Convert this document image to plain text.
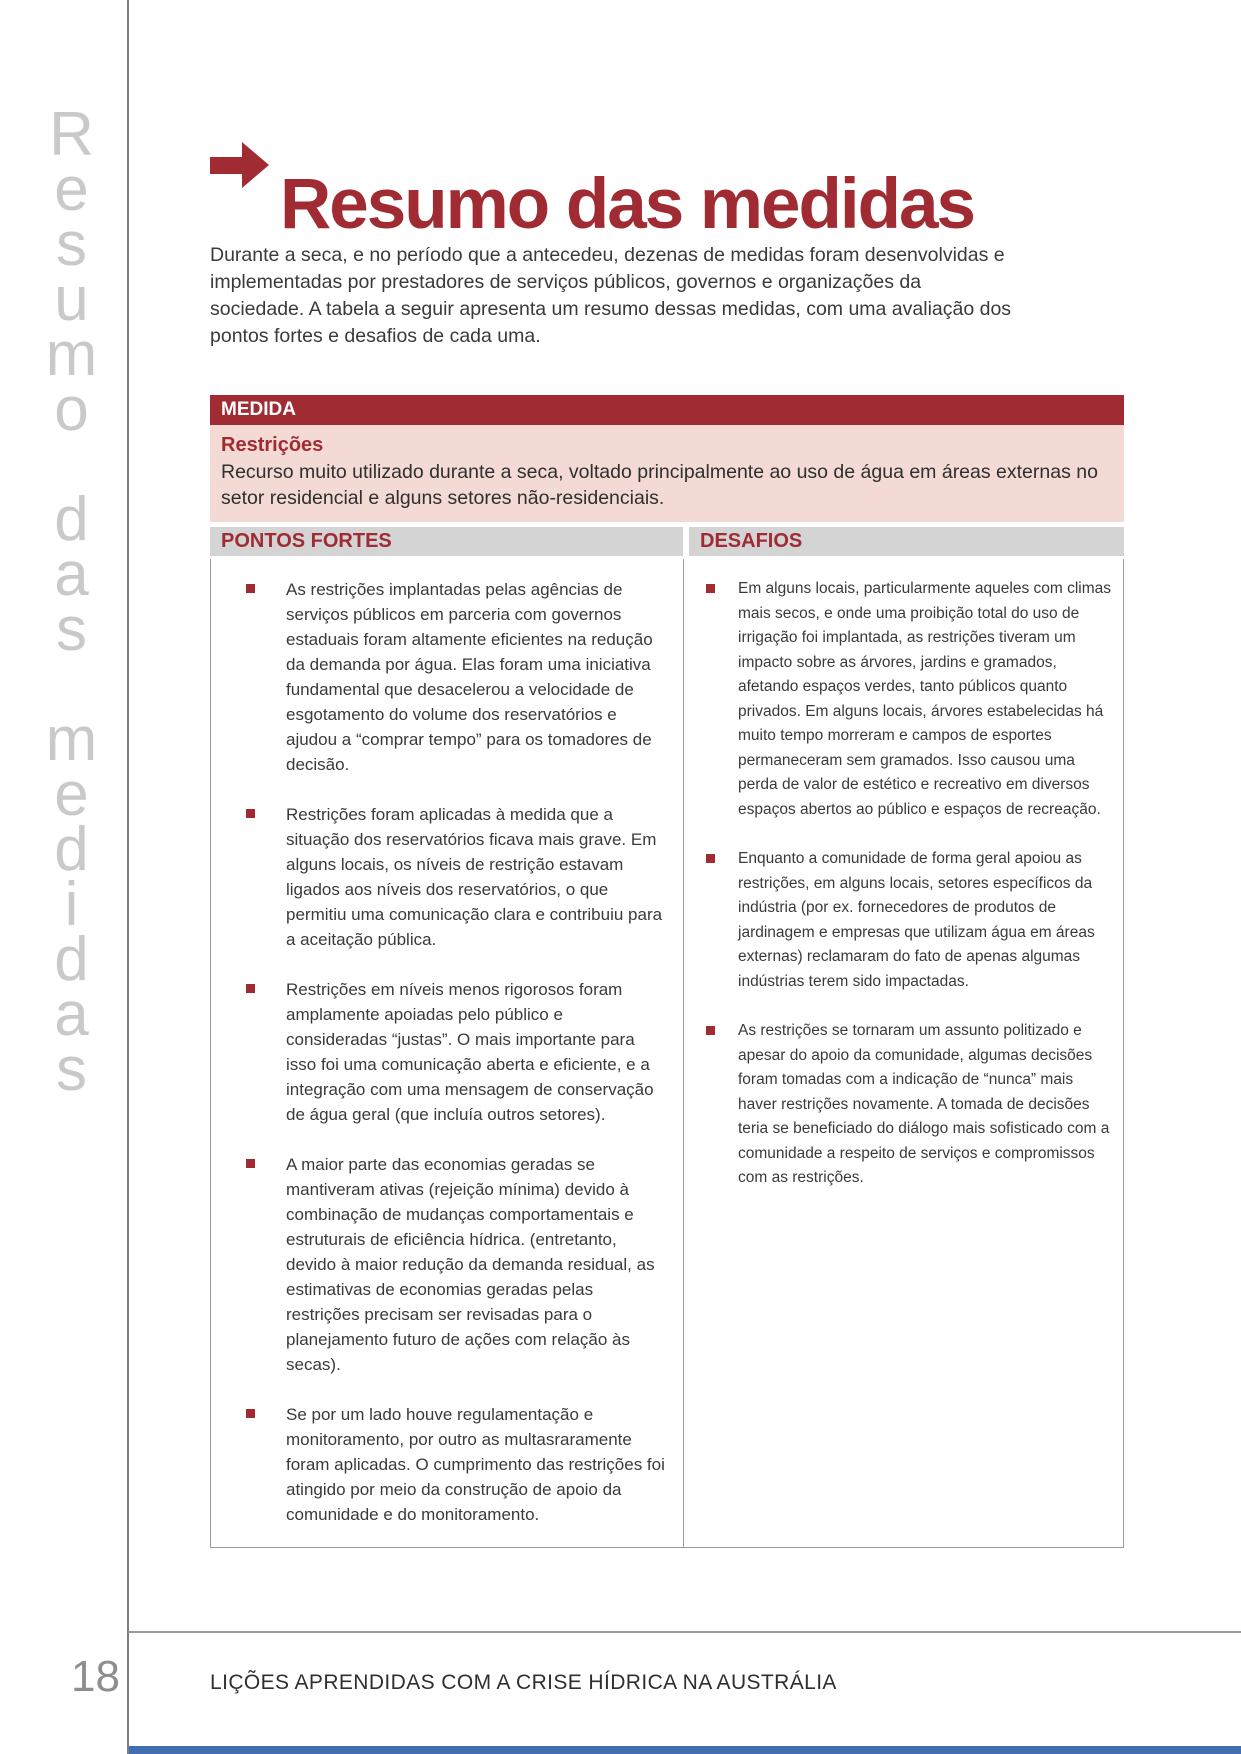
Resumo das medidas Resumo das medidas

Durante a seca, e no período que a antecedeu, dezenas de medidas foram desenvolvidas e implementadas por prestadores de serviços públicos, governos e organizações da sociedade. A tabela a seguir apresenta um resumo dessas medidas, com uma avaliação dos pontos fortes e desafios de cada uma.

MEDIDA
Restrições
Recurso muito utilizado durante a seca, voltado principalmente ao uso de água em áreas externas no setor residencial e alguns setores não-residenciais.
PONTOS FORTES	DESAFIOS
As restrições implantadas pelas agências de serviços públicos em parceria com governos estaduais foram altamente eficientes na redução da demanda por água. Elas foram uma iniciativa fundamental que desacelerou a velocidade de esgotamento do volume dos reservatórios e ajudou a “comprar tempo” para os tomadores de decisão.
Restrições foram aplicadas à medida que a situação dos reservatórios ficava mais grave. Em alguns locais, os níveis de restrição estavam ligados aos níveis dos reservatórios, o que permitiu uma comunicação clara e contribuiu para a aceitação pública.
Restrições em níveis menos rigorosos foram amplamente apoiadas pelo público e consideradas “justas”. O mais importante para isso foi uma comunicação aberta e eficiente, e a integração com uma mensagem de conservação de água geral (que incluía outros setores).
A maior parte das economias geradas se mantiveram ativas (rejeição mínima) devido à combinação de mudanças comportamentais e estruturais de eficiência hídrica. (entretanto, devido à maior redução da demanda residual, as estimativas de economias geradas pelas restrições precisam ser revisadas para o planejamento futuro de ações com relação às secas).
Se por um lado houve regulamentação e monitoramento, por outro as multasraramente foram aplicadas. O cumprimento das restrições foi atingido por meio da construção de apoio da comunidade e do monitoramento.
Em alguns locais, particularmente aqueles com climas mais secos, e onde uma proibição total do uso de irrigação foi implantada, as restrições tiveram um impacto sobre as árvores, jardins e gramados, afetando espaços verdes, tanto públicos quanto privados. Em alguns locais, árvores estabelecidas há muito tempo morreram e campos de esportes permaneceram sem gramados. Isso causou uma perda de valor de estético e recreativo em diversos espaços abertos ao público e espaços de recreação.
Enquanto a comunidade de forma geral apoiou as restrições, em alguns locais, setores específicos da indústria (por ex. fornecedores de produtos de jardinagem e empresas que utilizam água em áreas externas) reclamaram do fato de apenas algumas indústrias terem sido impactadas.
As restrições se tornaram um assunto politizado e apesar do apoio da comunidade, algumas decisões foram tomadas com a indicação de “nunca” mais haver restrições novamente. A tomada de decisões teria se beneficiado do diálogo mais sofisticado com a comunidade a respeito de serviços e compromissos com as restrições.
18	LIÇÕES APRENDIDAS COM A CRISE HÍDRICA NA AUSTRÁLIA
